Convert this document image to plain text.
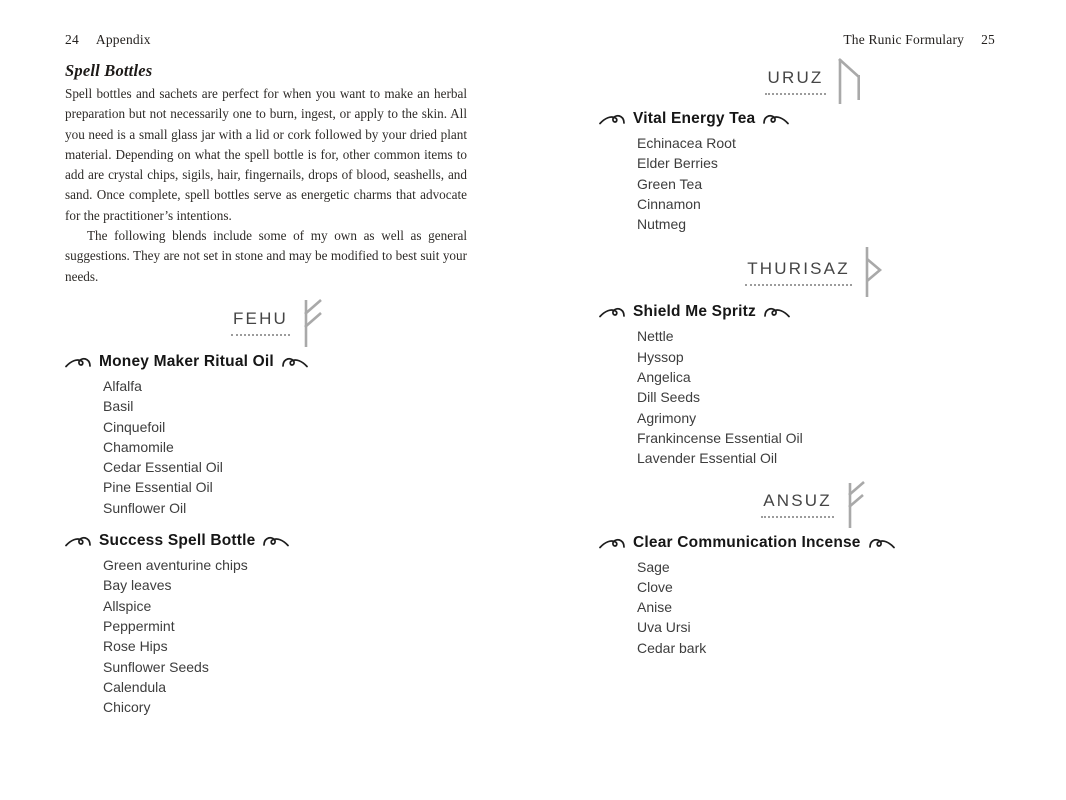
24 Appendix
Spell Bottles

Spell bottles and sachets are perfect for when you want to make an herbal preparation but not necessarily one to burn, ingest, or apply to the skin. All you need is a small glass jar with a lid or cork followed by your dried plant material. Depending on what the spell bottle is for, other common items to add are crystal chips, sigils, hair, fingernails, drops of blood, seashells, and sand. Once complete, spell bottles serve as energetic charms that advocate for the practitioner’s intentions.

The following blends include some of my own as well as general suggestions. They are not set in stone and may be modified to best suit your needs.

FEHU
Money Maker Ritual Oil
Alfalfa
Basil
Cinquefoil
Chamomile
Cedar Essential Oil
Pine Essential Oil
Sunflower Oil
Success Spell Bottle
Green aventurine chips
Bay leaves
Allspice
Peppermint
Rose Hips
Sunflower Seeds
Calendula
Chicory
The Runic Formulary 25
URUZ
Vital Energy Tea
Echinacea Root
Elder Berries
Green Tea
Cinnamon
Nutmeg
THURISAZ
Shield Me Spritz
Nettle
Hyssop
Angelica
Dill Seeds
Agrimony
Frankincense Essential Oil
Lavender Essential Oil
ANSUZ
Clear Communication Incense
Sage
Clove
Anise
Uva Ursi
Cedar bark
